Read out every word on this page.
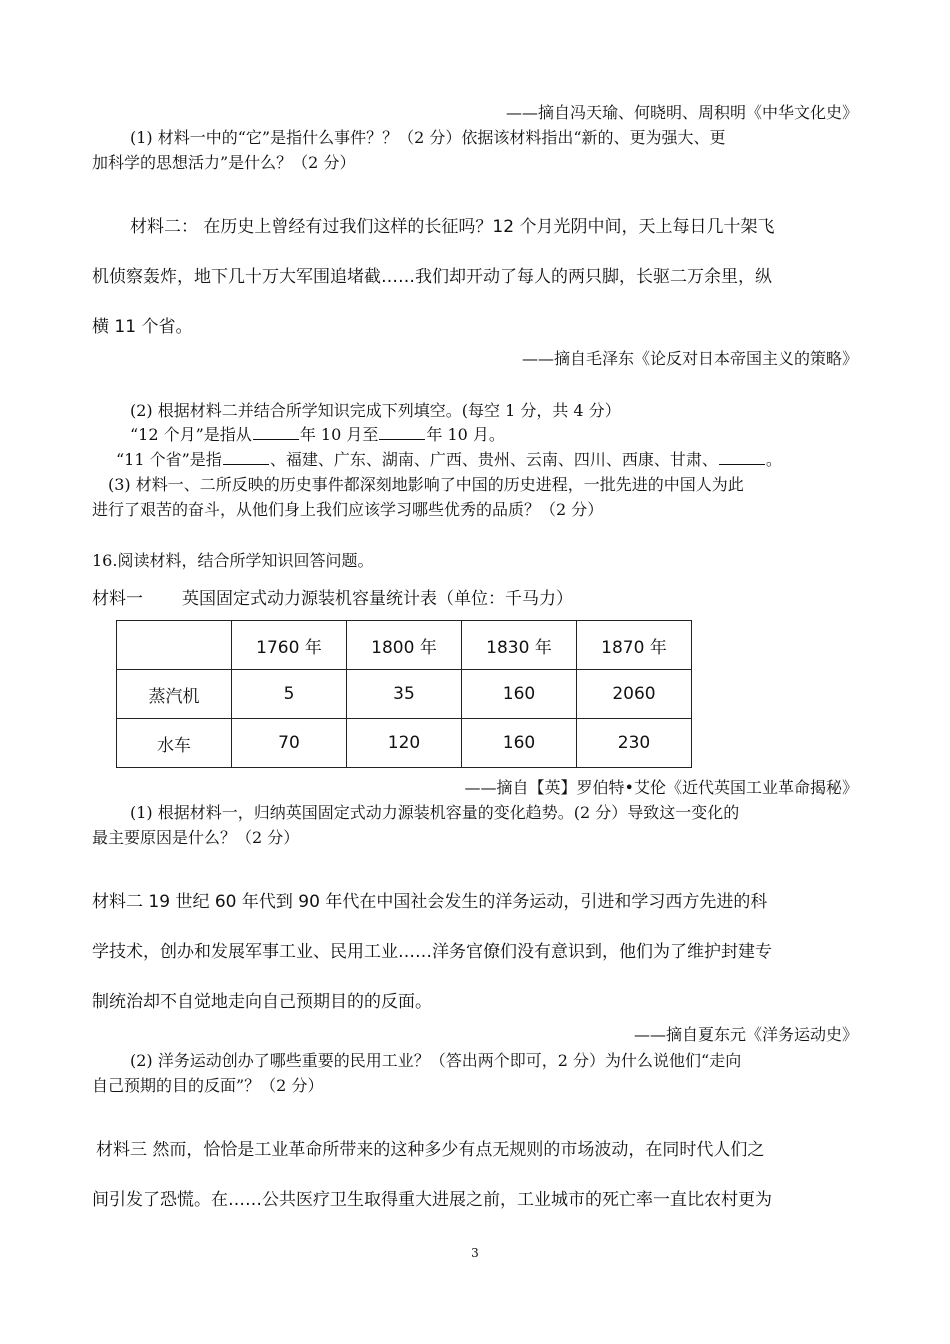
——摘自冯天瑜、何晓明、周积明《中华文化史》
(1) 材料一中的“它”是指什么事件？？（2 分）依据该材料指出“新的、更为强大、更
加科学的思想活力”是什么？（2 分）
材料二： 在历史上曾经有过我们这样的长征吗？12 个月光阴中间，天上每日几十架飞
机侦察轰炸，地下几十万大军围追堵截……我们却开动了每人的两只脚，长驱二万余里，纵
横 11 个省。
——摘自毛泽东《论反对日本帝国主义的策略》
(2) 根据材料二并结合所学知识完成下列填空。(每空 1 分，共 4 分）
“12 个月”是指从	年 10 月至	年 10 月。
“11 个省”是指	、福建、广东、湖南、广西、贵州、云南、四川、西康、甘肃、	。
(3) 材料一、二所反映的历史事件都深刻地影响了中国的历史进程，一批先进的中国人为此
进行了艰苦的奋斗，从他们身上我们应该学习哪些优秀的品质？（2 分）
16.阅读材料，结合所学知识回答问题。
材料一 英国固定式动力源装机容量统计表（单位：千马力）
	1760 年	1800 年	1830 年	1870 年
蒸汽机	5	35	160	2060
水车	70	120	160	230
——摘自【英】罗伯特•艾伦《近代英国工业革命揭秘》
(1) 根据材料一，归纳英国固定式动力源装机容量的变化趋势。(2 分）导致这一变化的
最主要原因是什么？（2 分）
材料二 19 世纪 60 年代到 90 年代在中国社会发生的洋务运动，引进和学习西方先进的科
学技术，创办和发展军事工业、民用工业……洋务官僚们没有意识到，他们为了维护封建专
制统治却不自觉地走向自己预期目的的反面。
——摘自夏东元《洋务运动史》
(2) 洋务运动创办了哪些重要的民用工业？（答出两个即可，2 分）为什么说他们“走向
自己预期的目的反面”？（2 分）
材料三 然而，恰恰是工业革命所带来的这种多少有点无规则的市场波动，在同时代人们之
间引发了恐慌。在……公共医疗卫生取得重大进展之前，工业城市的死亡率一直比农村更为
3
